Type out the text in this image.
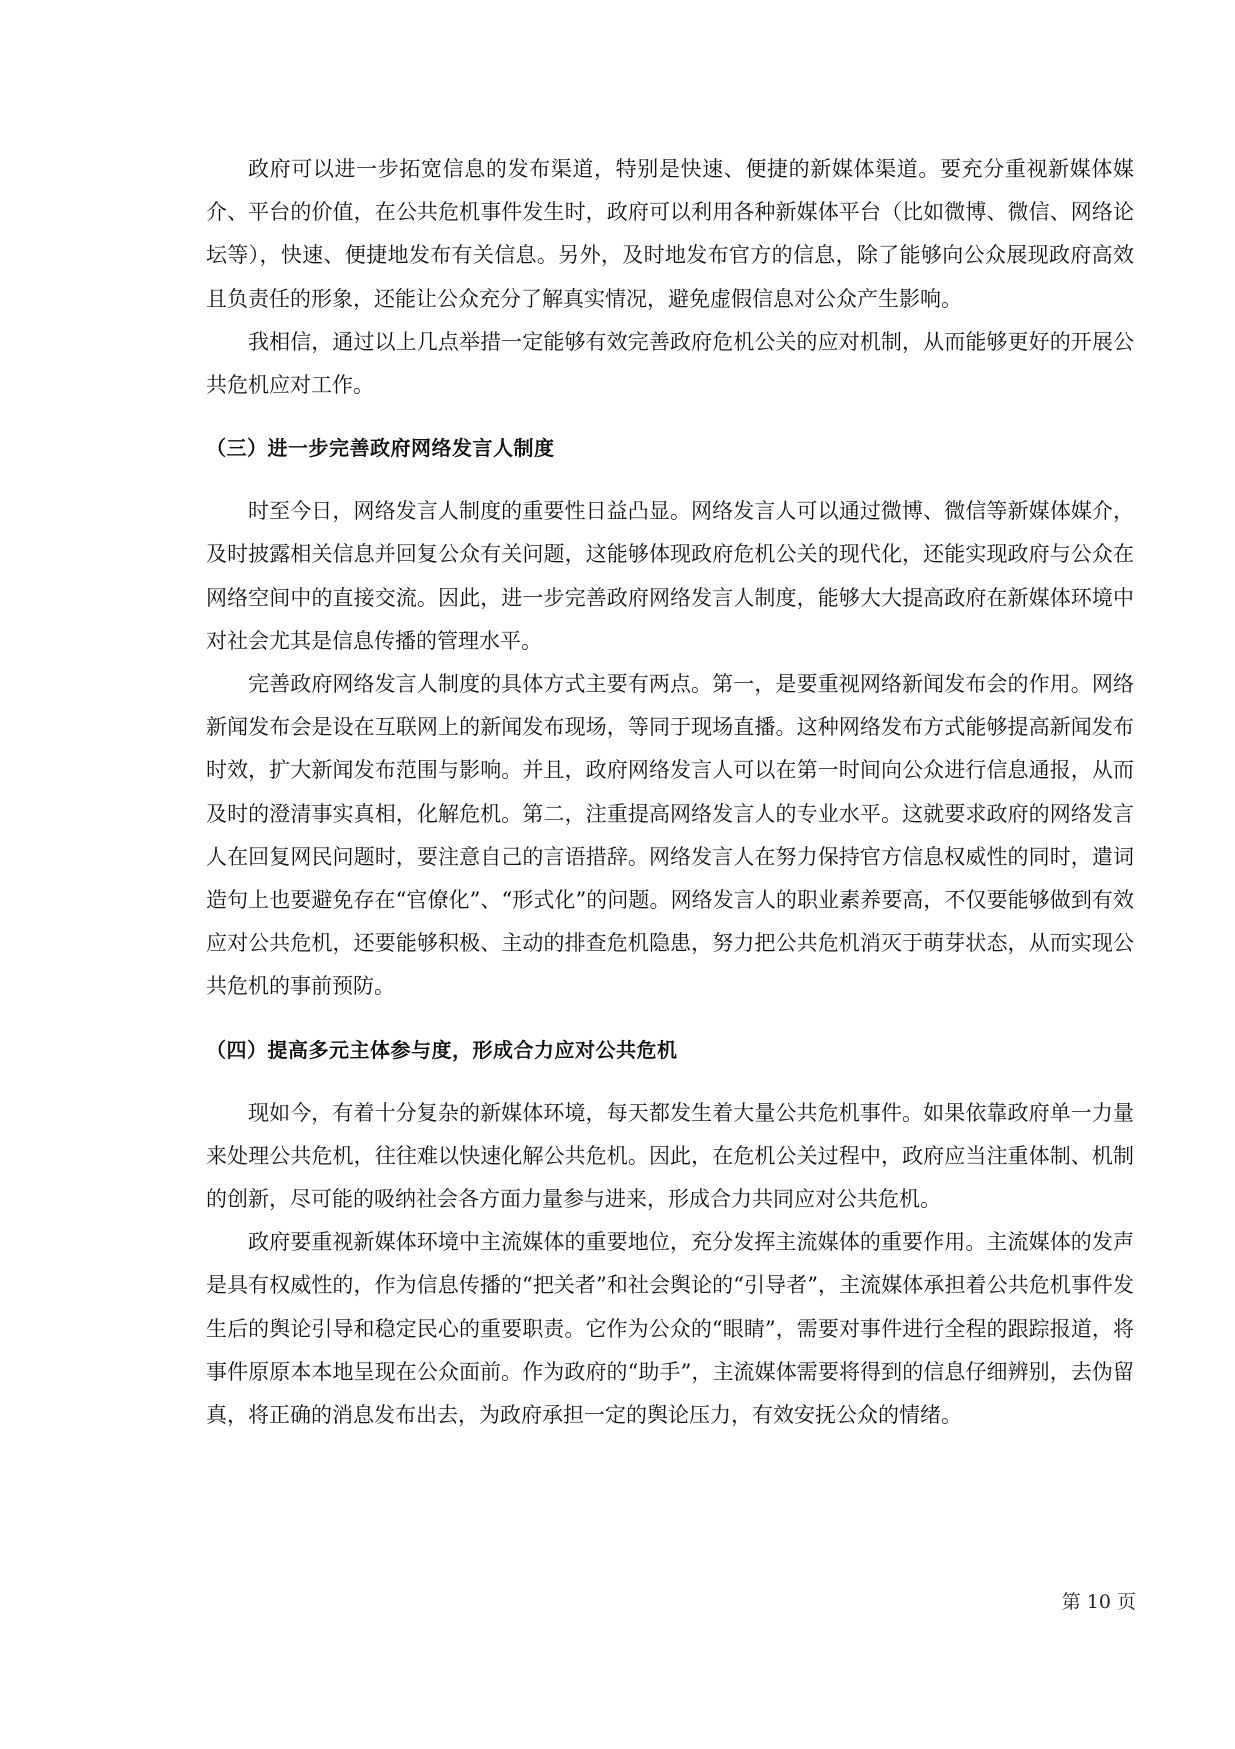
政府可以进一步拓宽信息的发布渠道，特别是快速、便捷的新媒体渠道。要充分重视新媒体媒介、平台的价值，在公共危机事件发生时，政府可以利用各种新媒体平台（比如微博、微信、网络论坛等），快速、便捷地发布有关信息。另外，及时地发布官方的信息，除了能够向公众展现政府高效且负责任的形象，还能让公众充分了解真实情况，避免虚假信息对公众产生影响。

我相信，通过以上几点举措一定能够有效完善政府危机公关的应对机制，从而能够更好的开展公共危机应对工作。

（三）进一步完善政府网络发言人制度

时至今日，网络发言人制度的重要性日益凸显。网络发言人可以通过微博、微信等新媒体媒介，及时披露相关信息并回复公众有关问题，这能够体现政府危机公关的现代化，还能实现政府与公众在网络空间中的直接交流。因此，进一步完善政府网络发言人制度，能够大大提高政府在新媒体环境中对社会尤其是信息传播的管理水平。

完善政府网络发言人制度的具体方式主要有两点。第一，是要重视网络新闻发布会的作用。网络新闻发布会是设在互联网上的新闻发布现场，等同于现场直播。这种网络发布方式能够提高新闻发布时效，扩大新闻发布范围与影响。并且，政府网络发言人可以在第一时间向公众进行信息通报，从而及时的澄清事实真相，化解危机。第二，注重提高网络发言人的专业水平。这就要求政府的网络发言人在回复网民问题时，要注意自己的言语措辞。网络发言人在努力保持官方信息权威性的同时，遣词造句上也要避免存在“官僚化”、“形式化”的问题。网络发言人的职业素养要高，不仅要能够做到有效应对公共危机，还要能够积极、主动的排查危机隐患，努力把公共危机消灭于萌芽状态，从而实现公共危机的事前预防。

（四）提高多元主体参与度，形成合力应对公共危机

现如今，有着十分复杂的新媒体环境，每天都发生着大量公共危机事件。如果依靠政府单一力量来处理公共危机，往往难以快速化解公共危机。因此，在危机公关过程中，政府应当注重体制、机制的创新，尽可能的吸纳社会各方面力量参与进来，形成合力共同应对公共危机。

政府要重视新媒体环境中主流媒体的重要地位，充分发挥主流媒体的重要作用。主流媒体的发声是具有权威性的，作为信息传播的“把关者”和社会舆论的“引导者”，主流媒体承担着公共危机事件发生后的舆论引导和稳定民心的重要职责。它作为公众的“眼睛”，需要对事件进行全程的跟踪报道，将事件原原本本地呈现在公众面前。作为政府的“助手”，主流媒体需要将得到的信息仔细辨别，去伪留真，将正确的消息发布出去，为政府承担一定的舆论压力，有效安抚公众的情绪。

第 10 页
